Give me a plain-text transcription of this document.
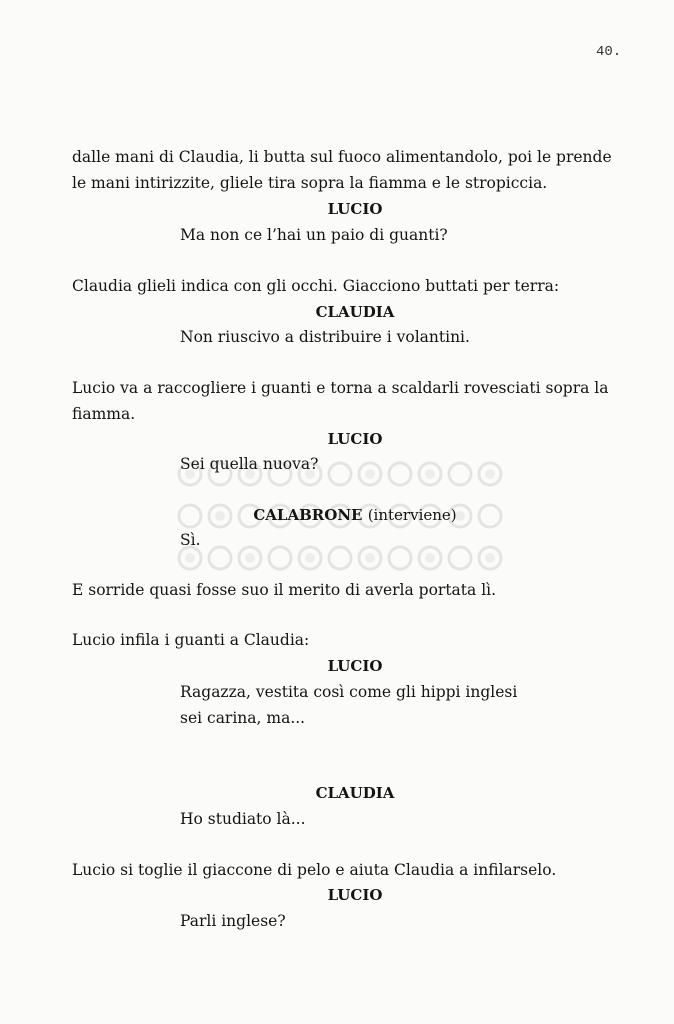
40.
dalle mani di Claudia, li butta sul fuoco alimentandolo, poi le prende
le mani intirizzite, gliele tira sopra la fiamma e le stropiccia.
LUCIO
Ma non ce l’hai un paio di guanti?
Claudia glieli indica con gli occhi. Giacciono buttati per terra:
CLAUDIA
Non riuscivo a distribuire i volantini.
Lucio va a raccogliere i guanti e torna a scaldarli rovesciati sopra la
fiamma.
LUCIO
Sei quella nuova?
CALABRONE (interviene)
Sì.
E sorride quasi fosse suo il merito di averla portata lì.
Lucio infila i guanti a Claudia:
LUCIO
Ragazza, vestita così come gli hippi inglesi
sei carina, ma...
CLAUDIA
Ho studiato là...
Lucio si toglie il giaccone di pelo e aiuta Claudia a infilarselo.
LUCIO
Parli inglese?
